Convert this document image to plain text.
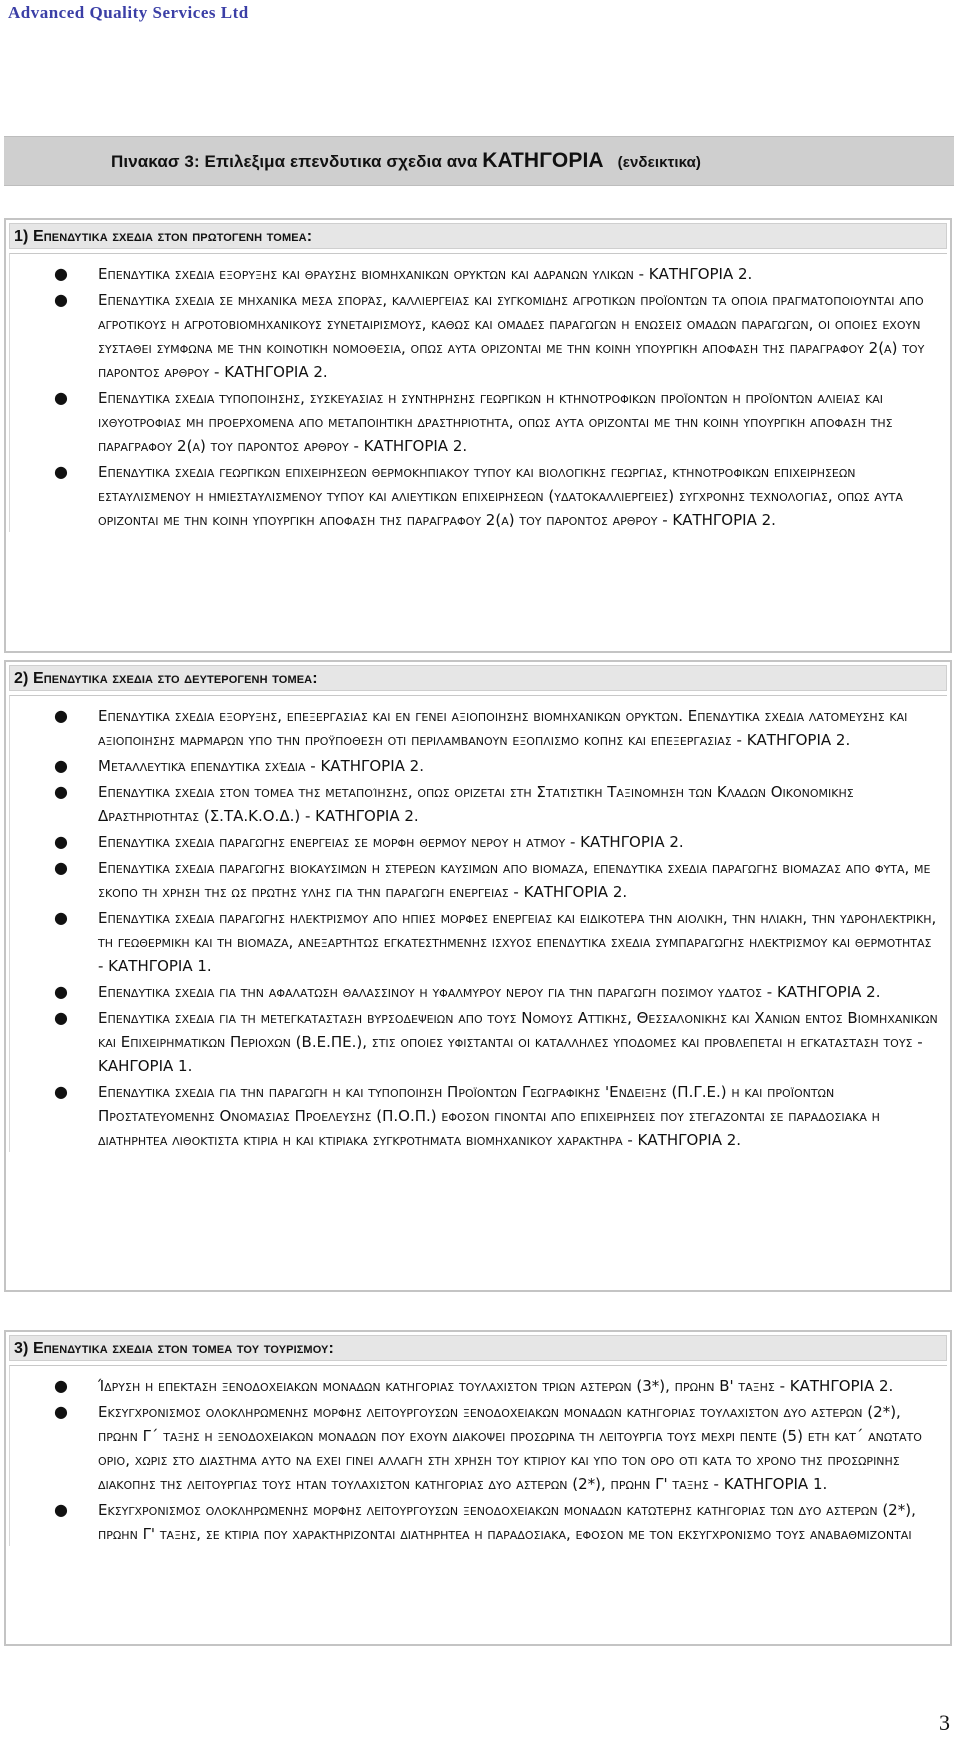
Advanced Quality Services Ltd
Πινακασ 3: Επιλεξιμα επενδυτικα σχεδια ανα ΚΑΤΗΓΟΡΙΑ (ενδεικτικα)
1) Επενδυτικα σχεδια στον πρωτογενη τομεα:
● Επενδυτικα σχεδια εξορυξησ και θραυσησ βιομηχανικων ορυκτων και αδρανων υλικων - ΚΑΤΗΓΟΡΙΑ 2.
● Επενδυτικα σχεδια σε μηχανικα μεσα σποράσ, καλλιεργειασ και συγκομιδησ αγροτικων προϊοντων τα οποια πραγματοποιουνται απο αγροτικουσ η αγροτοβιομηχανικουσ συνεταιρισμουσ, καθωσ και ομαδεσ παραγωγων η ενωσεισ ομαδων παραγωγων, οι οποιεσ εχουν συσταθει συμφωνα με την κοινοτικη νομοθεσια, οπωσ αυτα οριζονται με την κοινη υπουργικη αποφαση τησ παραγραφου 2(α) του παροντοσ αρθρου - ΚΑΤΗΓΟΡΙΑ 2.
● Επενδυτικα σχεδια τυποποιησησ, συσκευασιασ η συντηρησησ γεωργικων η κτηνοτροφικων προϊοντων η προϊοντων αλιειασ και ιχθυοτροφιασ μη προερχομενα απο μεταποιητικη δραστηριοτητα, οπωσ αυτα οριζονται με την κοινη υπουργικη αποφαση τησ παραγραφου 2(α) του παροντοσ αρθρου - ΚΑΤΗΓΟΡΙΑ 2.
● Επενδυτικα σχεδια γεωργικων επιχειρησεων θερμοκηπιακου τυπου και βιολογικησ γεωργιασ, κτηνοτροφικων επιχειρησεων εσταυλισμενου η ημιεσταυλισμενου τυπου και αλιευτικων επιχειρησεων (υδατοκαλλιεργειεσ) συγχρονησ τεχνολογιασ, οπωσ αυτα οριζονται με την κοινη υπουργικη αποφαση τησ παραγραφου 2(α) του παροντοσ αρθρου - ΚΑΤΗΓΟΡΙΑ 2.
2) Επενδυτικα σχεδια στο δευτερογενη τομεα:
● Επενδυτικα σχεδια εξορυξησ, επεξεργασιασ και εν γενει αξιοποιησησ βιομηχανικων ορυκτων. Επενδυτικα σχεδια λατομευσησ και αξιοποιησησ μαρμαρων υπο την προϋποθεση οτι περιλαμβανουν εξοπλισμο κοπησ και επεξεργασιασ - ΚΑΤΗΓΟΡΙΑ 2.
● Μεταλλευτικά επενδυτικα σχέδια - ΚΑΤΗΓΟΡΙΑ 2.
● Επενδυτικα σχεδια στον τομεα τησ μεταποίησησ, οπωσ οριζεται στη Στατιστικη Ταξινομηση των Κλαδων Οικονομικησ Δραστηριοτητασ (Σ.ΤΑ.Κ.Ο.Δ.) - ΚΑΤΗΓΟΡΙΑ 2.
● Επενδυτικα σχεδια παραγωγησ ενεργειασ σε μορφη θερμου νερου η ατμου - ΚΑΤΗΓΟΡΙΑ 2.
● Επενδυτικα σχεδια παραγωγησ βιοκαυσιμων η στερεων καυσιμων απο βιομαζα, επενδυτικα σχεδια παραγωγησ βιομαζασ απο φυτα, με σκοπο τη χρηση τησ ωσ πρωτησ υλησ για την παραγωγη ενεργειασ - ΚΑΤΗΓΟΡΙΑ 2.
● Επενδυτικα σχεδια παραγωγησ ηλεκτρισμου απο ηπιεσ μορφεσ ενεργειασ και ειδικοτερα την αιολικη, την ηλιακη, την υδροηλεκτρικη, τη γεωθερμικη και τη βιομαζα, ανεξαρτητωσ εγκατεστημενησ ισχυοσ επενδυτικα σχεδια συμπαραγωγησ ηλεκτρισμου και θερμοτητασ - ΚΑΤΗΓΟΡΙΑ 1.
● Επενδυτικα σχεδια για την αφαλατωση θαλασσινου η υφαλμυρου νερου για την παραγωγη ποσιμου υδατοσ - ΚΑΤΗΓΟΡΙΑ 2.
● Επενδυτικα σχεδια για τη μετεγκατασταση βυρσοδεψειων απο τουσ Νομουσ Αττικησ, Θεσσαλονικησ και Χανιων εντοσ Βιομηχανικων και Επιχειρηματικων Περιοχων (Β.Ε.ΠΕ.), στισ οποιεσ υφιστανται οι καταλληλεσ υποδομεσ και προβλεπεται η εγκατασταση τουσ - ΚΑΗΓΟΡΙΑ 1.
● Επενδυτικα σχεδια για την παραγωγη η και τυποποιηση Προϊοντων Γεωγραφικησ 'Ενδειξησ (Π.Γ.Ε.) η και προϊοντων Προστατευομενησ Ονομασιασ Προελευσησ (Π.Ο.Π.) εφοσον γινονται απο επιχειρησεισ που στεγαζονται σε παραδοσιακα η διατηρητεα λιθοκτιστα κτιρια η και κτιριακα συγκροτηματα βιομηχανικου χαρακτηρα - ΚΑΤΗΓΟΡΙΑ 2.
3) Επενδυτικα σχεδια στον τομεα του τουρισμου:
● Ίδρυση η επεκταση ξενοδοχειακων μοναδων κατηγοριασ τουλαχιστον τριων αστερων (3*), πρωην Β' ταξησ - ΚΑΤΗΓΟΡΙΑ 2.
● Εκσυγχρονισμοσ ολοκληρωμενησ μορφησ λειτουργουσων ξενοδοχειακων μοναδων κατηγοριασ τουλαχιστον δυο αστερων (2*), πρωην Γ΄ ταξησ η ξενοδοχειακων μοναδων που εχουν διακοψει προσωρινα τη λειτουργια τουσ μεχρι πεντε (5) ετη κατ΄ ανωτατο οριο, χωρισ στο διαστημα αυτο να εχει γινει αλλαγη στη χρηση του κτιριου και υπο τον ορο οτι κατα το χρονο τησ προσωρινησ διακοπησ τησ λειτουργιασ τουσ ηταν τουλαχιστον κατηγοριασ δυο αστερων (2*), πρωην Γ' ταξησ - ΚΑΤΗΓΟΡΙΑ 1.
● Εκσυγχρονισμοσ ολοκληρωμενησ μορφησ λειτουργουσων ξενοδοχειακων μοναδων κατωτερησ κατηγοριασ των δυο αστερων (2*), πρωην Γ' ταξησ, σε κτιρια που χαρακτηριζονται διατηρητεα η παραδοσιακα, εφοσον με τον εκσυγχρονισμο τουσ αναβαθμιζονται
3
